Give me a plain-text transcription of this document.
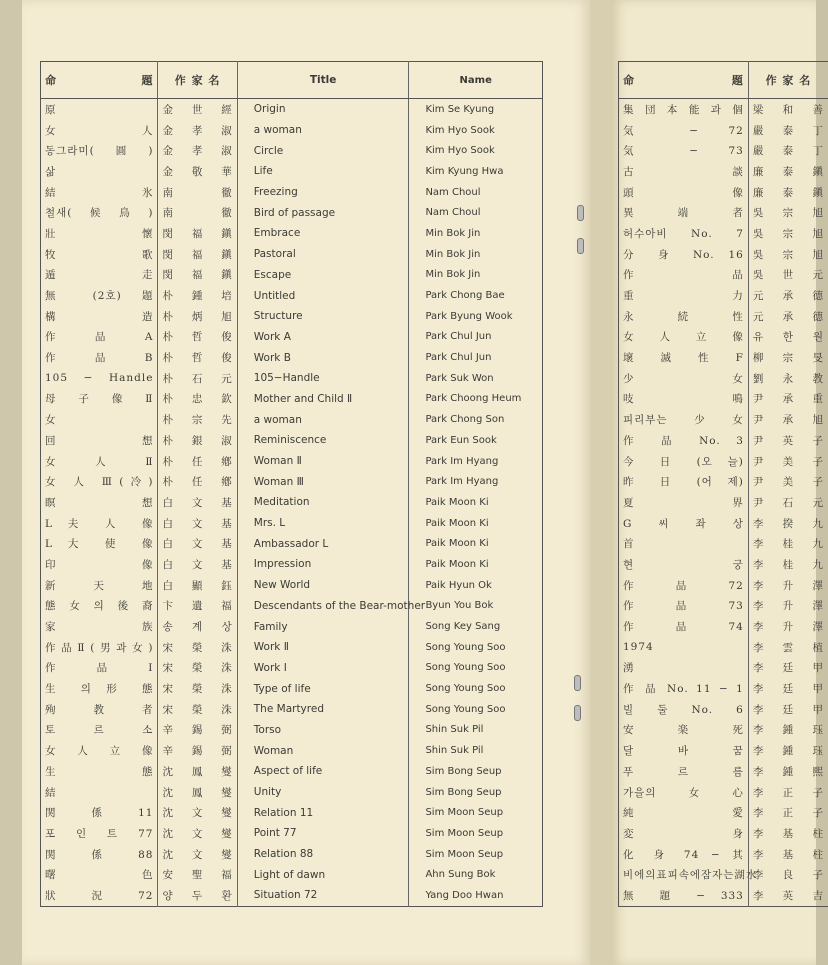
命 題	作 家 名	Title	Name
原	金 世 經	Origin	Kim Se Kyung
女 人	金 孝 淑	a woman	Kim Hyo Sook
동그라미(圓)	金 孝 淑	Circle	Kim Hyo Sook
삶	金 敬 華	Life	Kim Kyung Hwa
結 氷	南 徹	Freezing	Nam Choul
철새(候鳥)	南 徹	Bird of passage	Nam Choul
壯 懷	閔 福 鎭	Embrace	Min Bok Jin
牧 歌	閔 福 鎭	Pastoral	Min Bok Jin
遁 走	閔 福 鎭	Escape	Min Bok Jin
無 (2호) 題	朴 鍾 培	Untitled	Park Chong Bae
構 造	朴 炳 旭	Structure	Park Byung Wook
作 品 A	朴 哲 俊	Work A	Park Chul Jun
作 品 B	朴 哲 俊	Work B	Park Chul Jun
105 − Handle	朴 石 元	105−Handle	Park Suk Won
母 子 像 Ⅱ	朴 忠 欽	Mother and Child Ⅱ	Park Choong Heum
女	朴 宗 先	a woman	Park Chong Son
回 想	朴 銀 淑	Reminiscence	Park Eun Sook
女 人 Ⅱ	朴 任 鄕	Woman Ⅱ	Park Im Hyang
女 人 Ⅲ(冷)	朴 任 鄕	Woman Ⅲ	Park Im Hyang
瞑 想	白 文 基	Meditation	Paik Moon Ki
L 夫 人 像	白 文 基	Mrs. L	Paik Moon Ki
L 大 使 像	白 文 基	Ambassador L	Paik Moon Ki
印 像	白 文 基	Impression	Paik Moon Ki
新 天 地	白 顯 鈺	New World	Paik Hyun Ok
態女의後裔	卞 遺 福	Descendants of the Bear-mother	Byun You Bok
家 族	송 계 상	Family	Song Key Sang
作品Ⅱ(男과女)	宋 榮 洙	Work Ⅱ	Song Young Soo
作 品 Ⅰ	宋 榮 洙	Work Ⅰ	Song Young Soo
生 의 形 態	宋 榮 洙	Type of life	Song Young Soo
殉 教 者	宋 榮 洙	The Martyred	Song Young Soo
토 르 소	辛 錫 弼	Torso	Shin Suk Pil
女 人 立 像	辛 錫 弼	Woman	Shin Suk Pil
生 態	沈 鳳 燮	Aspect of life	Sim Bong Seup
結	沈 鳳 燮	Unity	Sim Bong Seup
関 係 11	沈 文 燮	Relation 11	Sim Moon Seup
포 인 트 77	沈 文 燮	Point 77	Sim Moon Seup
関 係 88	沈 文 燮	Relation 88	Sim Moon Seup
曙 色	安 聖 福	Light of dawn	Ahn Sung Bok
狀 況 72	양 두 환	Situation 72	Yang Doo Hwan
命 題	作 家 名
集団本能과個	梁 和 善
気 − 72	嚴 泰 丁
気 − 73	嚴 泰 丁
古 談	廉 泰 鎭
頭 像	廉 泰 鎭
異 端 者	吳 宗 旭
허수아비 No. 7	吳 宗 旭
分 身 No. 16	吳 宗 旭
作 品	吳 世 元
重 力	元 承 德
永 続 性	元 承 德
女 人 立 像	유 한 원
壞 滅 性 F	柳 宗 旻
少 女	劉 永 教
吱 鳴	尹 承 重
피리부는少女	尹 承 旭
作 品 No. 3	尹 英 子
今 日 (오 늘)	尹 美 子
昨 日 (어 제)	尹 美 子
夏 界	尹 石 元
G 씨 좌 상	李 揆 九
首	李 桂 九
현 궁	李 桂 九
作 品 72	李 升 澤
作 品 73	李 升 澤
作 品 74	李 升 澤
1974	李 雲 植
湧	李 廷 甲
作 品 No. 11 − 1	李 廷 甲
빌 둘 No. 6	李 廷 甲
安 楽 死	李 鍾 珏
달 바 꿈	李 鍾 珏
푸 르 름	李 鍾 熙
가을의女心	李 正 子
純 愛	李 正 子
変 身	李 基 柱
化 身 74 − 其	李 基 柱
비에의표피속에잠자는湖水	李 良 子
無 題 − 333	李 英 吉
